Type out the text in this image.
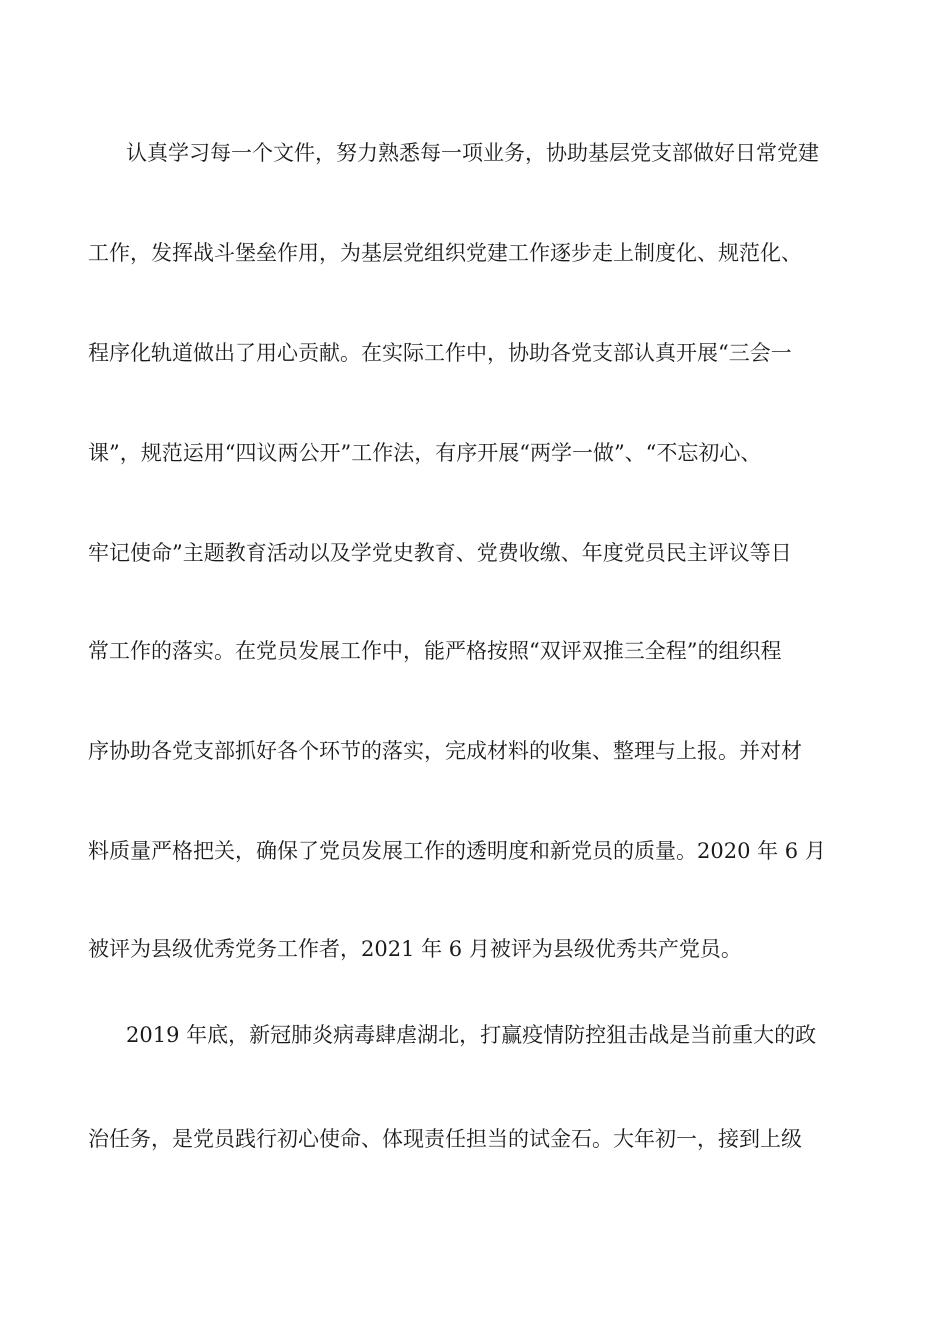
认真学习每一个文件，努力熟悉每一项业务，协助基层党支部做好日常党建
工作，发挥战斗堡垒作用，为基层党组织党建工作逐步走上制度化、规范化、
程序化轨道做出了用心贡献。在实际工作中，协助各党支部认真开展“三会一
课”，规范运用“四议两公开”工作法，有序开展“两学一做”、“不忘初心、
牢记使命”主题教育活动以及学党史教育、党费收缴、年度党员民主评议等日
常工作的落实。在党员发展工作中，能严格按照“双评双推三全程”的组织程
序协助各党支部抓好各个环节的落实，完成材料的收集、整理与上报。并对材
料质量严格把关，确保了党员发展工作的透明度和新党员的质量。2020 年 6 月
被评为县级优秀党务工作者，2021 年 6 月被评为县级优秀共产党员。
2019 年底，新冠肺炎病毒肆虐湖北，打赢疫情防控狙击战是当前重大的政
治任务，是党员践行初心使命、体现责任担当的试金石。大年初一，接到上级
